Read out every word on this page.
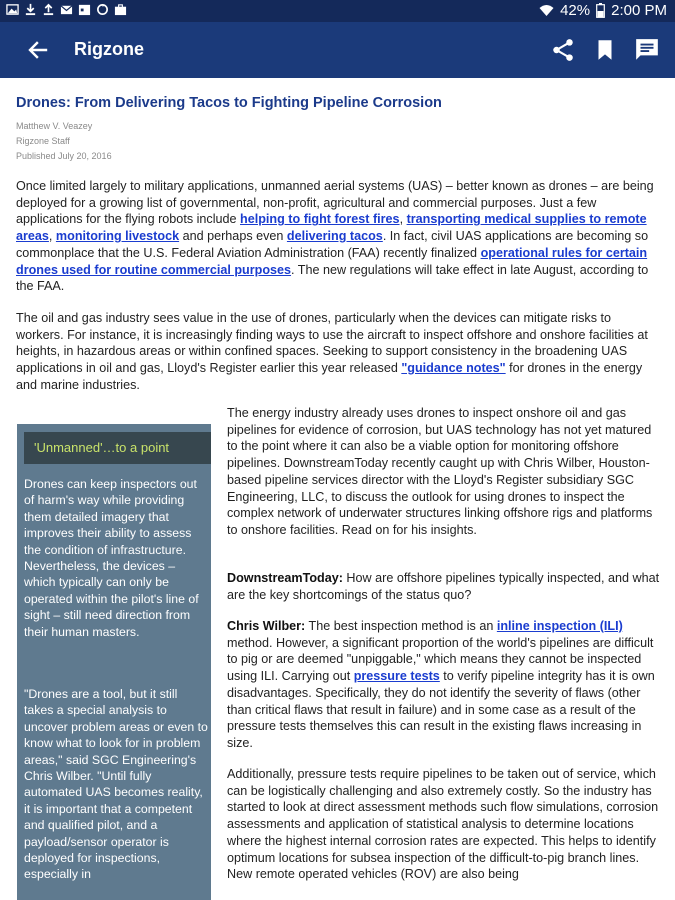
42% 2:00 PM
Rigzone
Drones: From Delivering Tacos to Fighting Pipeline Corrosion
Matthew V. Veazey
Rigzone Staff
Published July 20, 2016
Once limited largely to military applications, unmanned aerial systems (UAS) – better known as drones – are being deployed for a growing list of governmental, non-profit, agricultural and commercial purposes. Just a few applications for the flying robots include helping to fight forest fires, transporting medical supplies to remote areas, monitoring livestock and perhaps even delivering tacos. In fact, civil UAS applications are becoming so commonplace that the U.S. Federal Aviation Administration (FAA) recently finalized operational rules for certain drones used for routine commercial purposes. The new regulations will take effect in late August, according to the FAA.
The oil and gas industry sees value in the use of drones, particularly when the devices can mitigate risks to workers. For instance, it is increasingly finding ways to use the aircraft to inspect offshore and onshore facilities at heights, in hazardous areas or within confined spaces. Seeking to support consistency in the broadening UAS applications in oil and gas, Lloyd's Register earlier this year released "guidance notes" for drones in the energy and marine industries.
'Unmanned'…to a point
Drones can keep inspectors out of harm's way while providing them detailed imagery that improves their ability to assess the condition of infrastructure. Nevertheless, the devices – which typically can only be operated within the pilot's line of sight – still need direction from their human masters.
"Drones are a tool, but it still takes a special analysis to uncover problem areas or even to know what to look for in problem areas," said SGC Engineering's Chris Wilber. "Until fully automated UAS becomes reality, it is important that a competent and qualified pilot, and a payload/sensor operator is deployed for inspections, especially in
The energy industry already uses drones to inspect onshore oil and gas pipelines for evidence of corrosion, but UAS technology has not yet matured to the point where it can also be a viable option for monitoring offshore pipelines. DownstreamToday recently caught up with Chris Wilber, Houston-based pipeline services director with the Lloyd's Register subsidiary SGC Engineering, LLC, to discuss the outlook for using drones to inspect the complex network of underwater structures linking offshore rigs and platforms to onshore facilities. Read on for his insights.
DownstreamToday: How are offshore pipelines typically inspected, and what are the key shortcomings of the status quo?
Chris Wilber: The best inspection method is an inline inspection (ILI) method. However, a significant proportion of the world's pipelines are difficult to pig or are deemed "unpiggable," which means they cannot be inspected using ILI. Carrying out pressure tests to verify pipeline integrity has it is own disadvantages. Specifically, they do not identify the severity of flaws (other than critical flaws that result in failure) and in some case as a result of the pressure tests themselves this can result in the existing flaws increasing in size.
Additionally, pressure tests require pipelines to be taken out of service, which can be logistically challenging and also extremely costly. So the industry has started to look at direct assessment methods such flow simulations, corrosion assessments and application of statistical analysis to determine locations where the highest internal corrosion rates are expected. This helps to identify optimum locations for subsea inspection of the difficult-to-pig branch lines. New remote operated vehicles (ROV) are also being
